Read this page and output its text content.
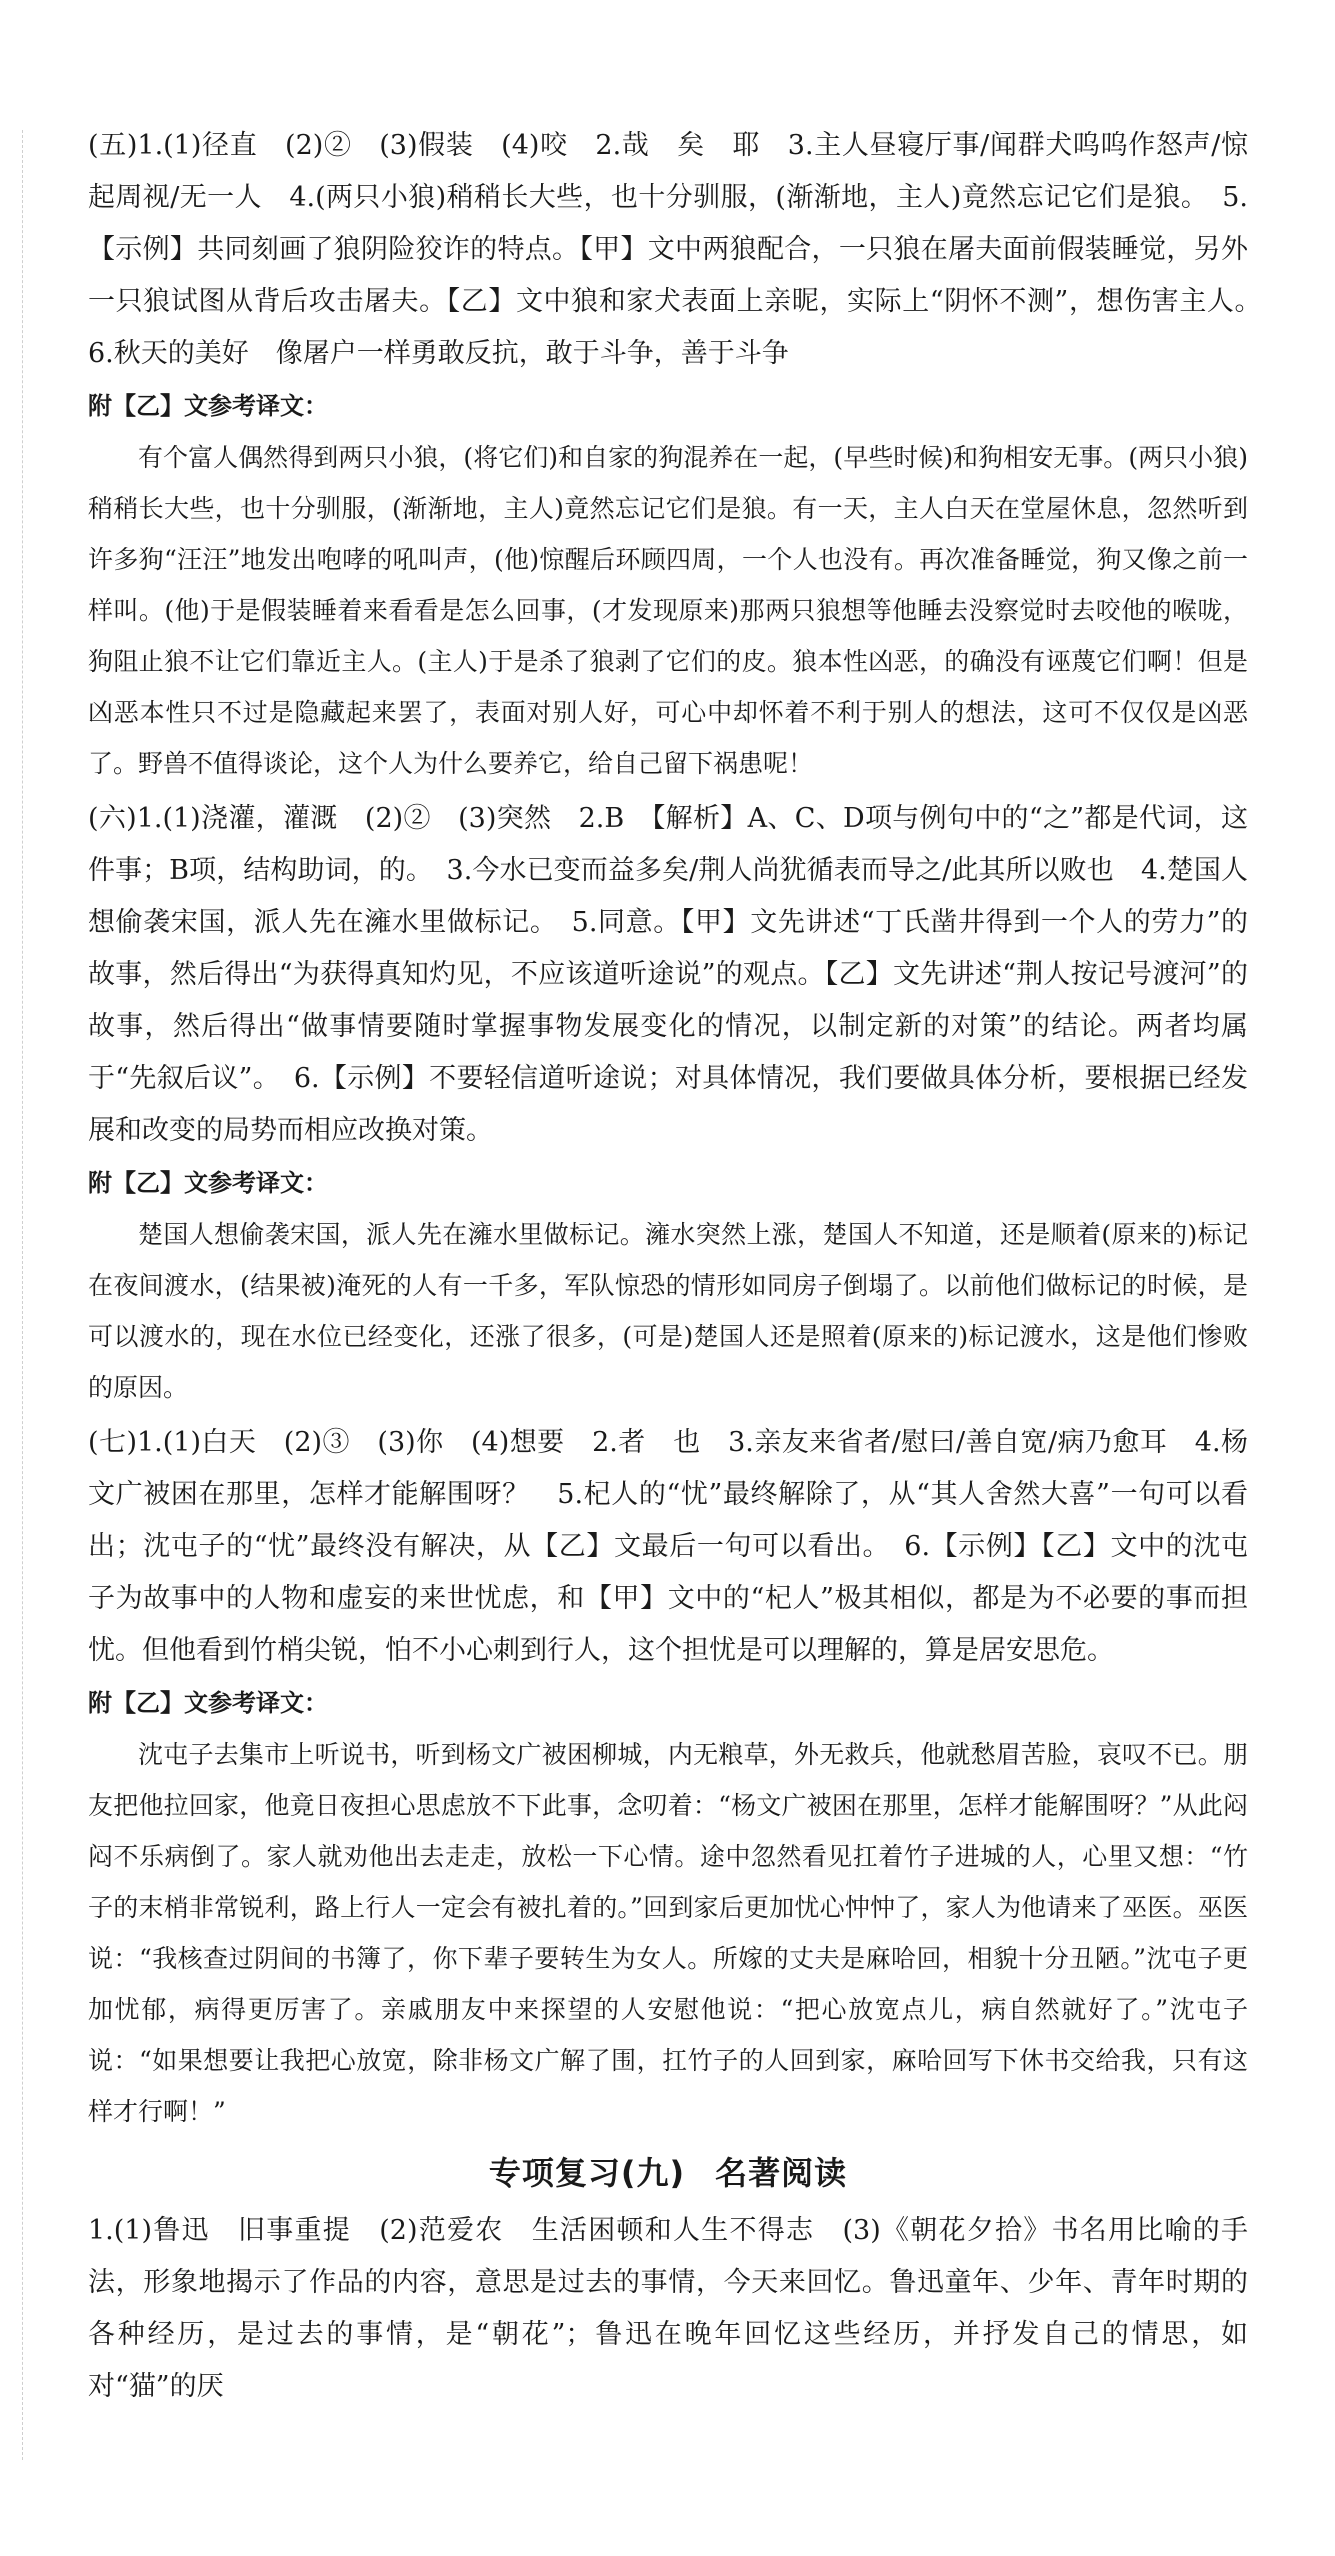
(五)1.(1)径直　(2)②　(3)假装　(4)咬　2.哉　矣　耶　3.主人昼寝厅事/闻群犬呜呜作怒声/惊起周视/无一人　4.(两只小狼)稍稍长大些，也十分驯服，(渐渐地，主人)竟然忘记它们是狼。　5.【示例】共同刻画了狼阴险狡诈的特点。【甲】文中两狼配合，一只狼在屠夫面前假装睡觉，另外一只狼试图从背后攻击屠夫。【乙】文中狼和家犬表面上亲昵，实际上“阴怀不测”，想伤害主人。　6.秋天的美好　像屠户一样勇敢反抗，敢于斗争，善于斗争

附【乙】文参考译文：

有个富人偶然得到两只小狼，(将它们)和自家的狗混养在一起，(早些时候)和狗相安无事。(两只小狼)稍稍长大些，也十分驯服，(渐渐地，主人)竟然忘记它们是狼。有一天，主人白天在堂屋休息，忽然听到许多狗“汪汪”地发出咆哮的吼叫声，(他)惊醒后环顾四周，一个人也没有。再次准备睡觉，狗又像之前一样叫。(他)于是假装睡着来看看是怎么回事，(才发现原来)那两只狼想等他睡去没察觉时去咬他的喉咙，狗阻止狼不让它们靠近主人。(主人)于是杀了狼剥了它们的皮。狼本性凶恶，的确没有诬蔑它们啊！但是凶恶本性只不过是隐藏起来罢了，表面对别人好，可心中却怀着不利于别人的想法，这可不仅仅是凶恶了。野兽不值得谈论，这个人为什么要养它，给自己留下祸患呢！

(六)1.(1)浇灌，灌溉　(2)②　(3)突然　2.B　【解析】A、C、D项与例句中的“之”都是代词，这件事；B项，结构助词，的。　3.今水已变而益多矣/荆人尚犹循表而导之/此其所以败也　4.楚国人想偷袭宋国，派人先在澭水里做标记。　5.同意。【甲】文先讲述“丁氏凿井得到一个人的劳力”的故事，然后得出“为获得真知灼见，不应该道听途说”的观点。【乙】文先讲述“荆人按记号渡河”的故事，然后得出“做事情要随时掌握事物发展变化的情况，以制定新的对策”的结论。两者均属于“先叙后议”。　6.【示例】不要轻信道听途说；对具体情况，我们要做具体分析，要根据已经发展和改变的局势而相应改换对策。

附【乙】文参考译文：

楚国人想偷袭宋国，派人先在澭水里做标记。澭水突然上涨，楚国人不知道，还是顺着(原来的)标记在夜间渡水，(结果被)淹死的人有一千多，军队惊恐的情形如同房子倒塌了。以前他们做标记的时候，是可以渡水的，现在水位已经变化，还涨了很多，(可是)楚国人还是照着(原来的)标记渡水，这是他们惨败的原因。

(七)1.(1)白天　(2)③　(3)你　(4)想要　2.者　也　3.亲友来省者/慰曰/善自宽/病乃愈耳　4.杨文广被困在那里，怎样才能解围呀？　5.杞人的“忧”最终解除了，从“其人舍然大喜”一句可以看出；沈屯子的“忧”最终没有解决，从【乙】文最后一句可以看出。　6.【示例】【乙】文中的沈屯子为故事中的人物和虚妄的来世忧虑，和【甲】文中的“杞人”极其相似，都是为不必要的事而担忧。但他看到竹梢尖锐，怕不小心刺到行人，这个担忧是可以理解的，算是居安思危。

附【乙】文参考译文：

沈屯子去集市上听说书，听到杨文广被困柳城，内无粮草，外无救兵，他就愁眉苦脸，哀叹不已。朋友把他拉回家，他竟日夜担心思虑放不下此事，念叨着：“杨文广被困在那里，怎样才能解围呀？”从此闷闷不乐病倒了。家人就劝他出去走走，放松一下心情。途中忽然看见扛着竹子进城的人，心里又想：“竹子的末梢非常锐利，路上行人一定会有被扎着的。”回到家后更加忧心忡忡了，家人为他请来了巫医。巫医说：“我核查过阴间的书簿了，你下辈子要转生为女人。所嫁的丈夫是麻哈回，相貌十分丑陋。”沈屯子更加忧郁，病得更厉害了。亲戚朋友中来探望的人安慰他说：“把心放宽点儿，病自然就好了。”沈屯子说：“如果想要让我把心放宽，除非杨文广解了围，扛竹子的人回到家，麻哈回写下休书交给我，只有这样才行啊！”

专项复习(九) 名著阅读

1.(1)鲁迅　旧事重提　(2)范爱农　生活困顿和人生不得志　(3)《朝花夕拾》书名用比喻的手法，形象地揭示了作品的内容，意思是过去的事情，今天来回忆。鲁迅童年、少年、青年时期的各种经历，是过去的事情，是“朝花”；鲁迅在晚年回忆这些经历，并抒发自己的情思，如对“猫”的厌
